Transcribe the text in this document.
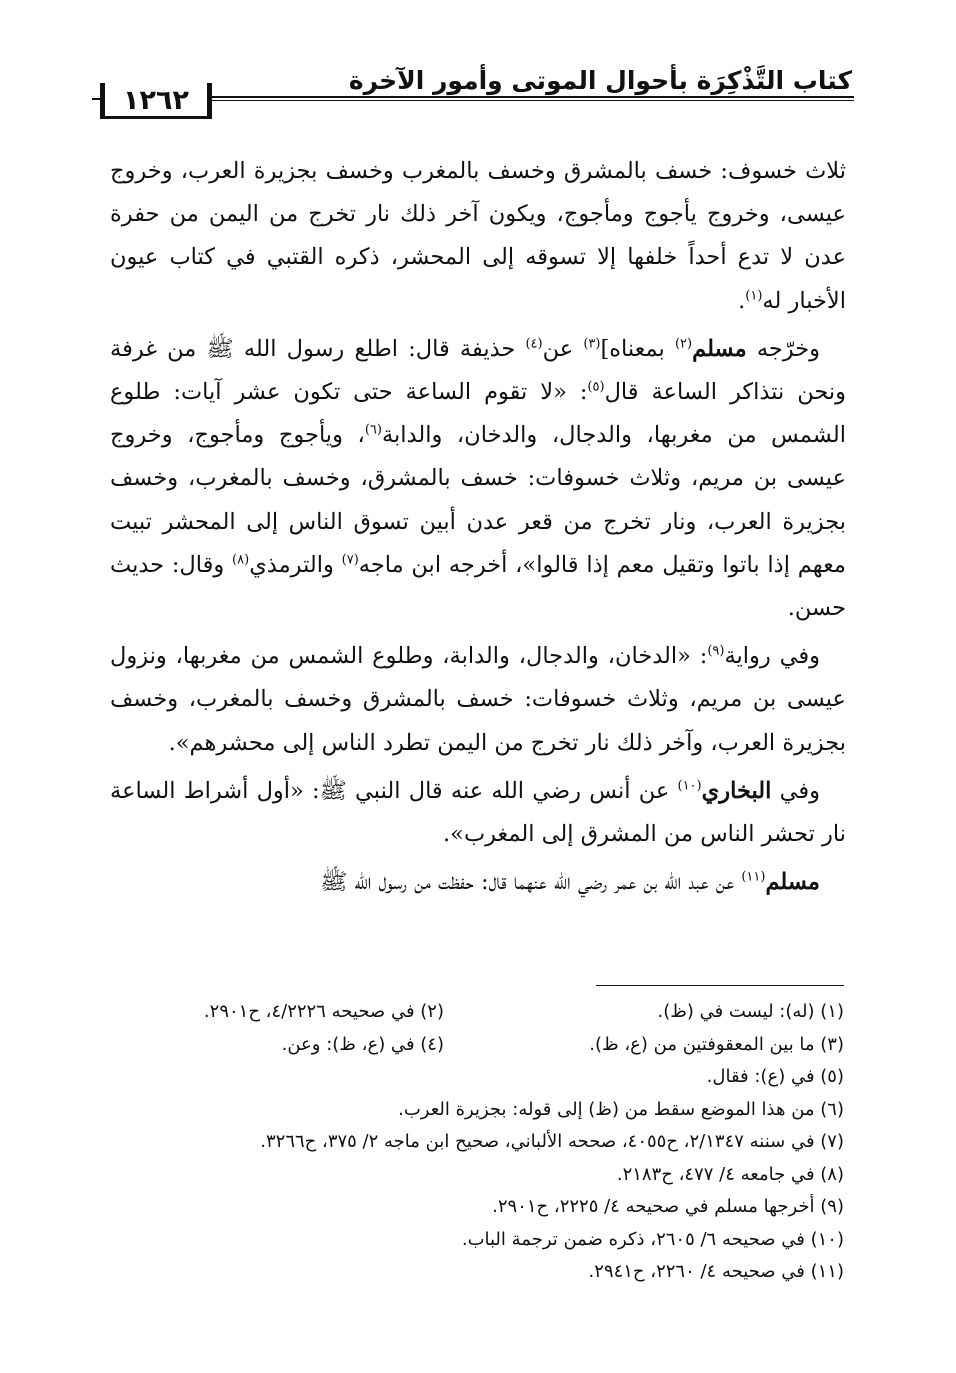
كتاب التَّذْكِرَة بأحوال الموتى وأمور الآخرة
١٢٦٢

ثلاث خسوف: خسف بالمشرق وخسف بالمغرب وخسف بجزيرة العرب، وخروج عيسى، وخروج يأجوج ومأجوج، ويكون آخر ذلك نار تخرج من اليمن من حفرة عدن لا تدع أحداً خلفها إلا تسوقه إلى المحشر، ذكره القتبي في كتاب عيون الأخبار له$^{(١)}$.

وخرّجه مسلم$^{(٢)}$ بمعناه]$^{(٣)}$ عن$^{(٤)}$ حذيفة قال: اطلع رسول الله ﷺ من غرفة ونحن نتذاكر الساعة قال$^{(٥)}$: «لا تقوم الساعة حتى تكون عشر آيات: طلوع الشمس من مغربها، والدجال، والدخان، والدابة$^{(٦)}$، ويأجوج ومأجوج، وخروج عيسى بن مريم، وثلاث خسوفات: خسف بالمشرق، وخسف بالمغرب، وخسف بجزيرة العرب، ونار تخرج من قعر عدن أبين تسوق الناس إلى المحشر تبيت معهم إذا باتوا وتقيل معم إذا قالوا»، أخرجه ابن ماجه$^{(٧)}$ والترمذي$^{(٨)}$ وقال: حديث حسن.

وفي رواية$^{(٩)}$: «الدخان، والدجال، والدابة، وطلوع الشمس من مغربها، ونزول عيسى بن مريم، وثلاث خسوفات: خسف بالمشرق وخسف بالمغرب، وخسف بجزيرة العرب، وآخر ذلك نار تخرج من اليمن تطرد الناس إلى محشرهم».

وفي البخاري$^{(١٠)}$ عن أنس رضي الله عنه قال النبي ﷺ: «أول أشراط الساعة نار تحشر الناس من المشرق إلى المغرب».

مسلم$^{(١١)}$ عن عبد الله بن عمر رضي الله عنهما قال: حفظت من رسول الله ﷺ

(١) (له): ليست في (ظ).
(٢) في صحيحه ٤/٢٢٢٦، ح٢٩٠١.
(٣) ما بين المعقوفتين من (ع، ظ).
(٤) في (ع، ظ): وعن.
(٥) في (ع): فقال.
(٦) من هذا الموضع سقط من (ظ) إلى قوله: بجزيرة العرب.
(٧) في سننه ٢/١٣٤٧، ح٤٠٥٥، صححه الألباني، صحيح ابن ماجه ٢/ ٣٧٥، ح٣٢٦٦.
(٨) في جامعه ٤/ ٤٧٧، ح٢١٨٣.
(٩) أخرجها مسلم في صحيحه ٤/ ٢٢٢٥، ح٢٩٠١.
(١٠) في صحيحه ٦/ ٢٦٠٥، ذكره ضمن ترجمة الباب.
(١١) في صحيحه ٤/ ٢٢٦٠، ح٢٩٤١.
